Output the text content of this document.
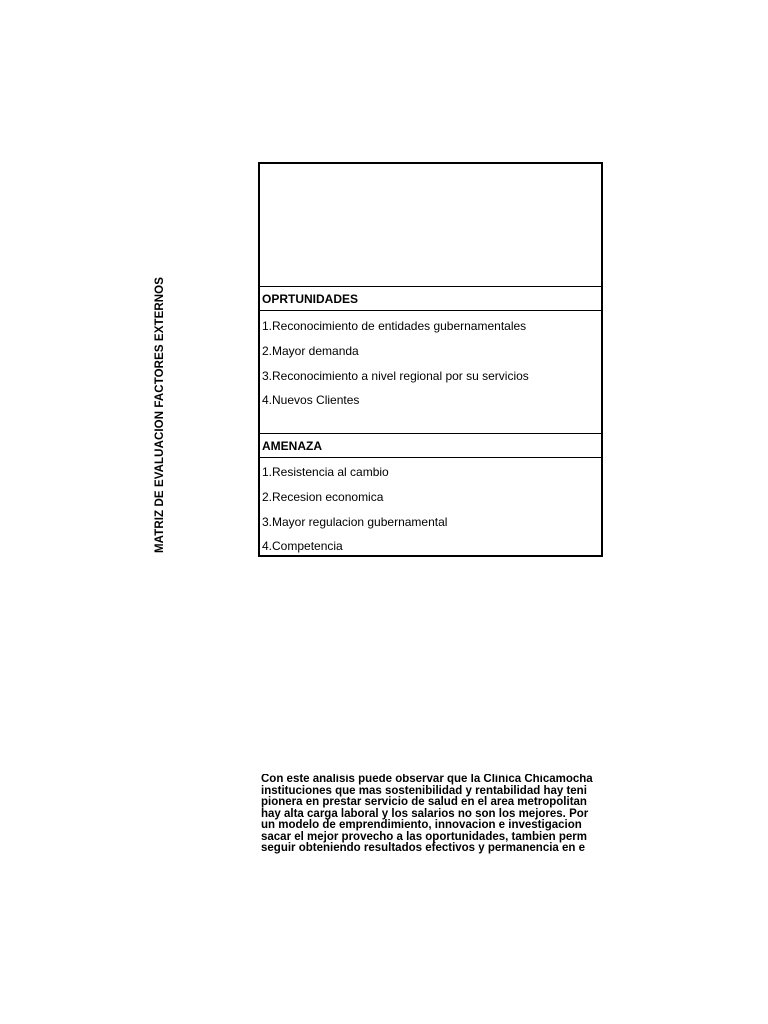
MATRIZ DE EVALUACION FACTORES EXTERNOS	OPRTUNIDADES
1.Reconocimiento de entidades gubernamentales
2.Mayor demanda
3.Reconocimiento a nivel regional por su servicios
4.Nuevos Clientes
AMENAZA
1.Resistencia al cambio
2.Recesion economica
3.Mayor regulacion gubernamental
4.Competencia
Con este analisis puede observar que la Clinica Chicamocha
instituciones que mas sostenibilidad y rentabilidad hay teni
pionera en prestar servicio de salud en el area metropolitan
hay alta carga laboral y los salarios no son los mejores. Por
un modelo de emprendimiento, innovacion e investigacion
sacar el mejor provecho a las oportunidades, tambien perm
seguir obteniendo resultados efectivos y permanencia en e
